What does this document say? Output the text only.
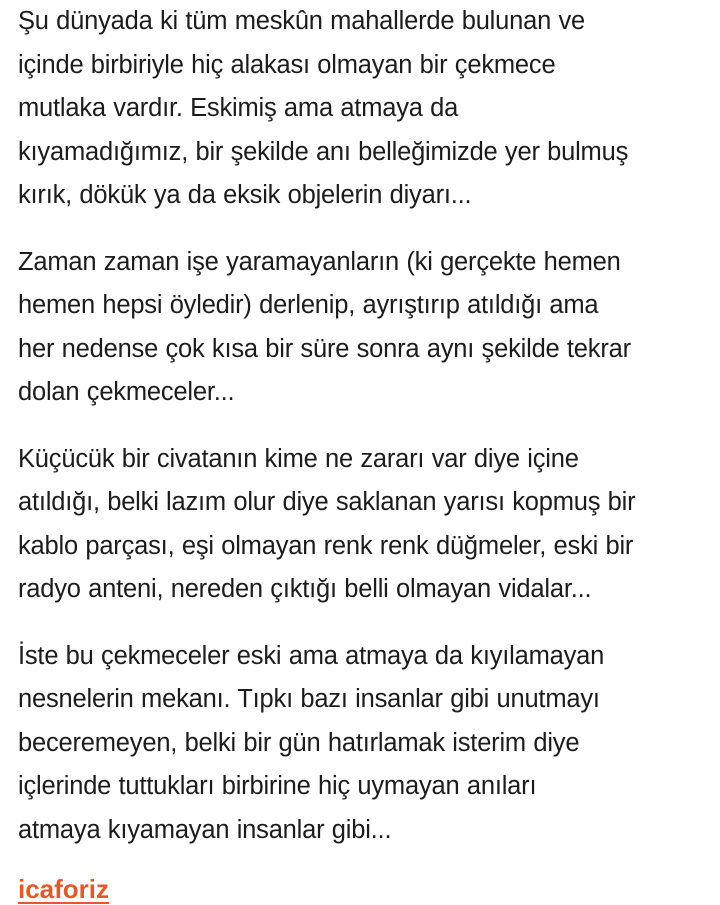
Şu dünyada ki tüm meskûn mahallerde bulunan ve
içinde birbiriyle hiç alakası olmayan bir çekmece
mutlaka vardır. Eskimiş ama atmaya da
kıyamadığımız, bir şekilde anı belleğimizde yer bulmuş
kırık, dökük ya da eksik objelerin diyarı...

Zaman zaman işe yaramayanların (ki gerçekte hemen
hemen hepsi öyledir) derlenip, ayrıştırıp atıldığı ama
her nedense çok kısa bir süre sonra aynı şekilde tekrar
dolan çekmeceler...

Küçücük bir civatanın kime ne zararı var diye içine
atıldığı, belki lazım olur diye saklanan yarısı kopmuş bir
kablo parçası, eşi olmayan renk renk düğmeler, eski bir
radyo anteni, nereden çıktığı belli olmayan vidalar...

İste bu çekmeceler eski ama atmaya da kıyılamayan
nesnelerin mekanı. Tıpkı bazı insanlar gibi unutmayı
beceremeyen, belki bir gün hatırlamak isterim diye
içlerinde tuttukları birbirine hiç uymayan anıları
atmaya kıyamayan insanlar gibi...

icaforiz
